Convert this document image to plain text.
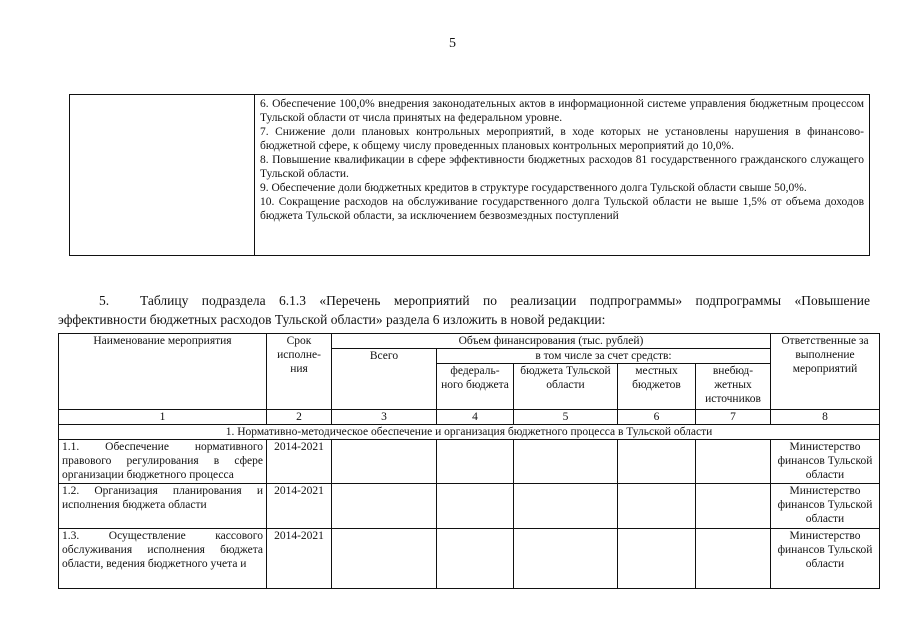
5

6. Обеспечение 100,0% внедрения законодательных актов в информационной системе управления бюджетным процессом Тульской области от числа принятых на федеральном уровне.

7. Снижение доли плановых контрольных мероприятий, в ходе которых не установлены нарушения в финансово-бюджетной сфере, к общему числу проведенных плановых контрольных мероприятий до 10,0%.

8. Повышение квалификации в сфере эффективности бюджетных расходов 81 государственного гражданского служащего Тульской области.

9. Обеспечение доли бюджетных кредитов в структуре государственного долга Тульской области свыше 50,0%.

10. Сокращение расходов на обслуживание государственного долга Тульской области не выше 1,5% от объема доходов бюджета Тульской области, за исключением безвозмездных поступлений

5. Таблицу подраздела 6.1.3 «Перечень мероприятий по реализации подпрограммы» подпрограммы «Повышение эффективности бюджетных расходов Тульской области» раздела 6 изложить в новой редакции:
Наименование мероприятия	Срок исполне-ния	Объем финансирования (тыс. рублей)					Ответственные за выполнение мероприятий
		Всего	в том числе за счет средств:				
			федераль-ного бюджета	бюджета Тульской области	местных бюджетов	внебюд-жетных источников	
1	2	3	4	5	6	7	8
1. Нормативно-методическое обеспечение и организация бюджетного процесса в Тульской области							
1.1. Обеспечение нормативного правового регулирования в сфере организации бюджетного процесса	2014-2021						Министерство финансов Тульской области
1.2. Организация планирования и исполнения бюджета области	2014-2021						Министерство финансов Тульской области
1.3. Осуществление кассового обслуживания исполнения бюджета области, ведения бюджетного учета и	2014-2021						Министерство финансов Тульской области
